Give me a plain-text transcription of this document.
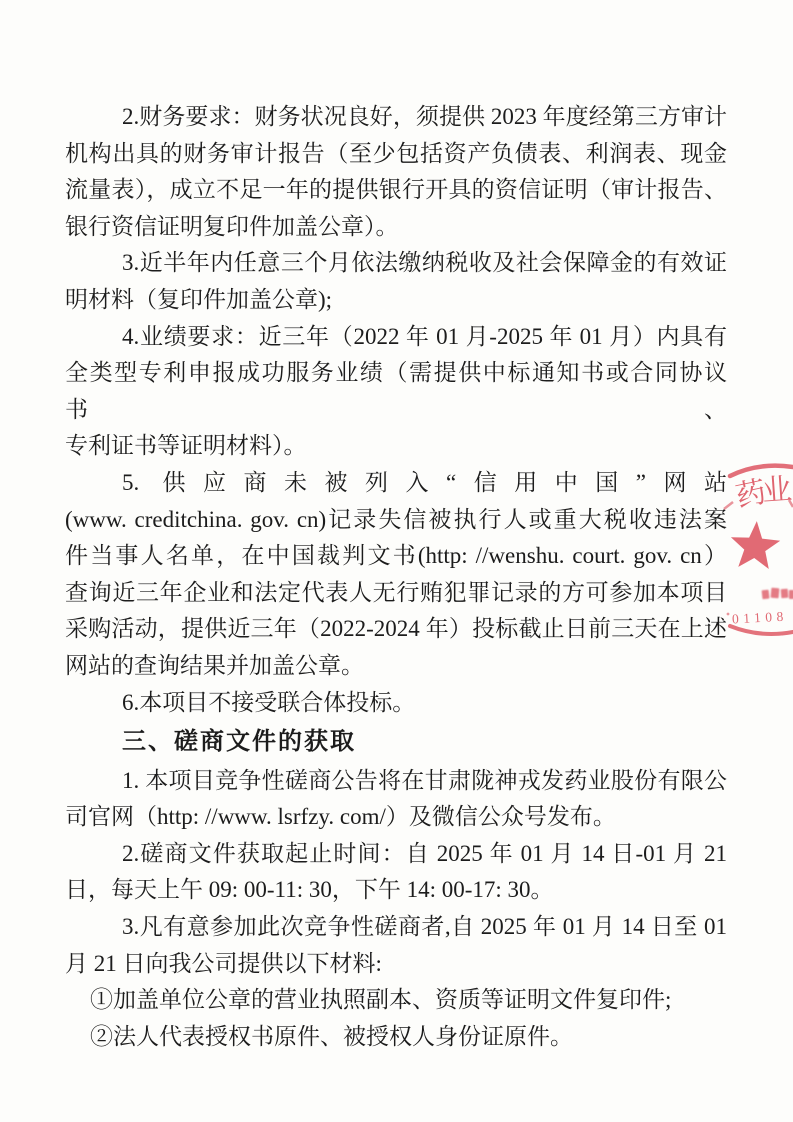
2.财务要求：财务状况良好，须提供 2023 年度经第三方审计
机构出具的财务审计报告（至少包括资产负债表、利润表、现金
流量表），成立不足一年的提供银行开具的资信证明（审计报告、
银行资信证明复印件加盖公章）。
3.近半年内任意三个月依法缴纳税收及社会保障金的有效证
明材料（复印件加盖公章);
4.业绩要求：近三年（2022 年 01 月-2025 年 01 月）内具有
全类型专利申报成功服务业绩（需提供中标通知书或合同协议书、
专利证书等证明材料）。
5. 供应商未被列入“信用中国”网站
(www. creditchina. gov. cn)记录失信被执行人或重大税收违法案
件当事人名单，在中国裁判文书(http: //wenshu. court. gov. cn）
查询近三年企业和法定代表人无行贿犯罪记录的方可参加本项目
采购活动，提供近三年（2022-2024 年）投标截止日前三天在上述
网站的查询结果并加盖公章。
6.本项目不接受联合体投标。
三、磋商文件的获取
1. 本项目竞争性磋商公告将在甘肃陇神戎发药业股份有限公
司官网（http: //www. lsrfzy. com/）及微信公众号发布。
2.磋商文件获取起止时间：自 2025 年 01 月 14 日-01 月 21
日，每天上午 09: 00-11: 30，下午 14: 00-17: 30。
3.凡有意参加此次竞争性磋商者,自 2025 年 01 月 14 日至 01
月 21 日向我公司提供以下材料:
①加盖单位公章的营业执照副本、资质等证明文件复印件;
②法人代表授权书原件、被授权人身份证原件。
药
业
01108
